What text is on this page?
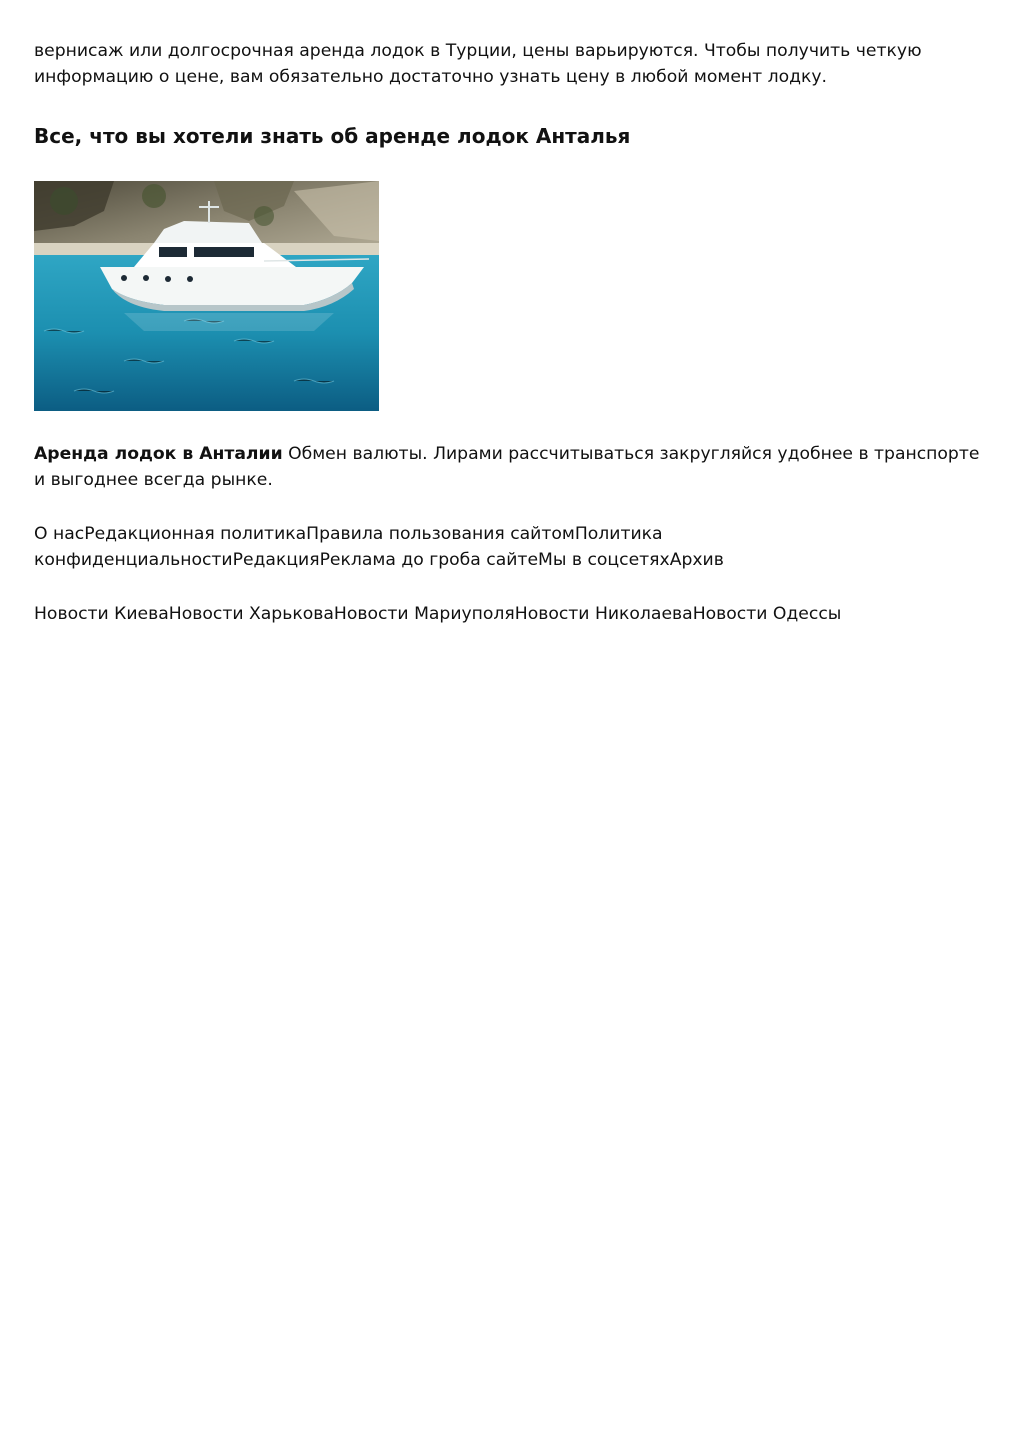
вернисаж или долгосрочная аренда лодок в Турции, цены варьируются. Чтобы получить четкую информацию о цене, вам обязательно достаточно узнать цену в любой момент лодку.

Все, что вы хотели знать об аренде лодок Анталья

Аренда лодок в Анталии Обмен валюты. Лирами рассчитываться закругляйся удобнее в транспорте и выгоднее всегда рынке.

О насРедакционная политикаПравила пользования сайтомПолитика конфиденциальностиРедакцияРеклама до гроба сайтеМы в соцсетяхАрхив

Новости КиеваНовости ХарьковаНовости МариуполяНовости НиколаеваНовости Одессы
